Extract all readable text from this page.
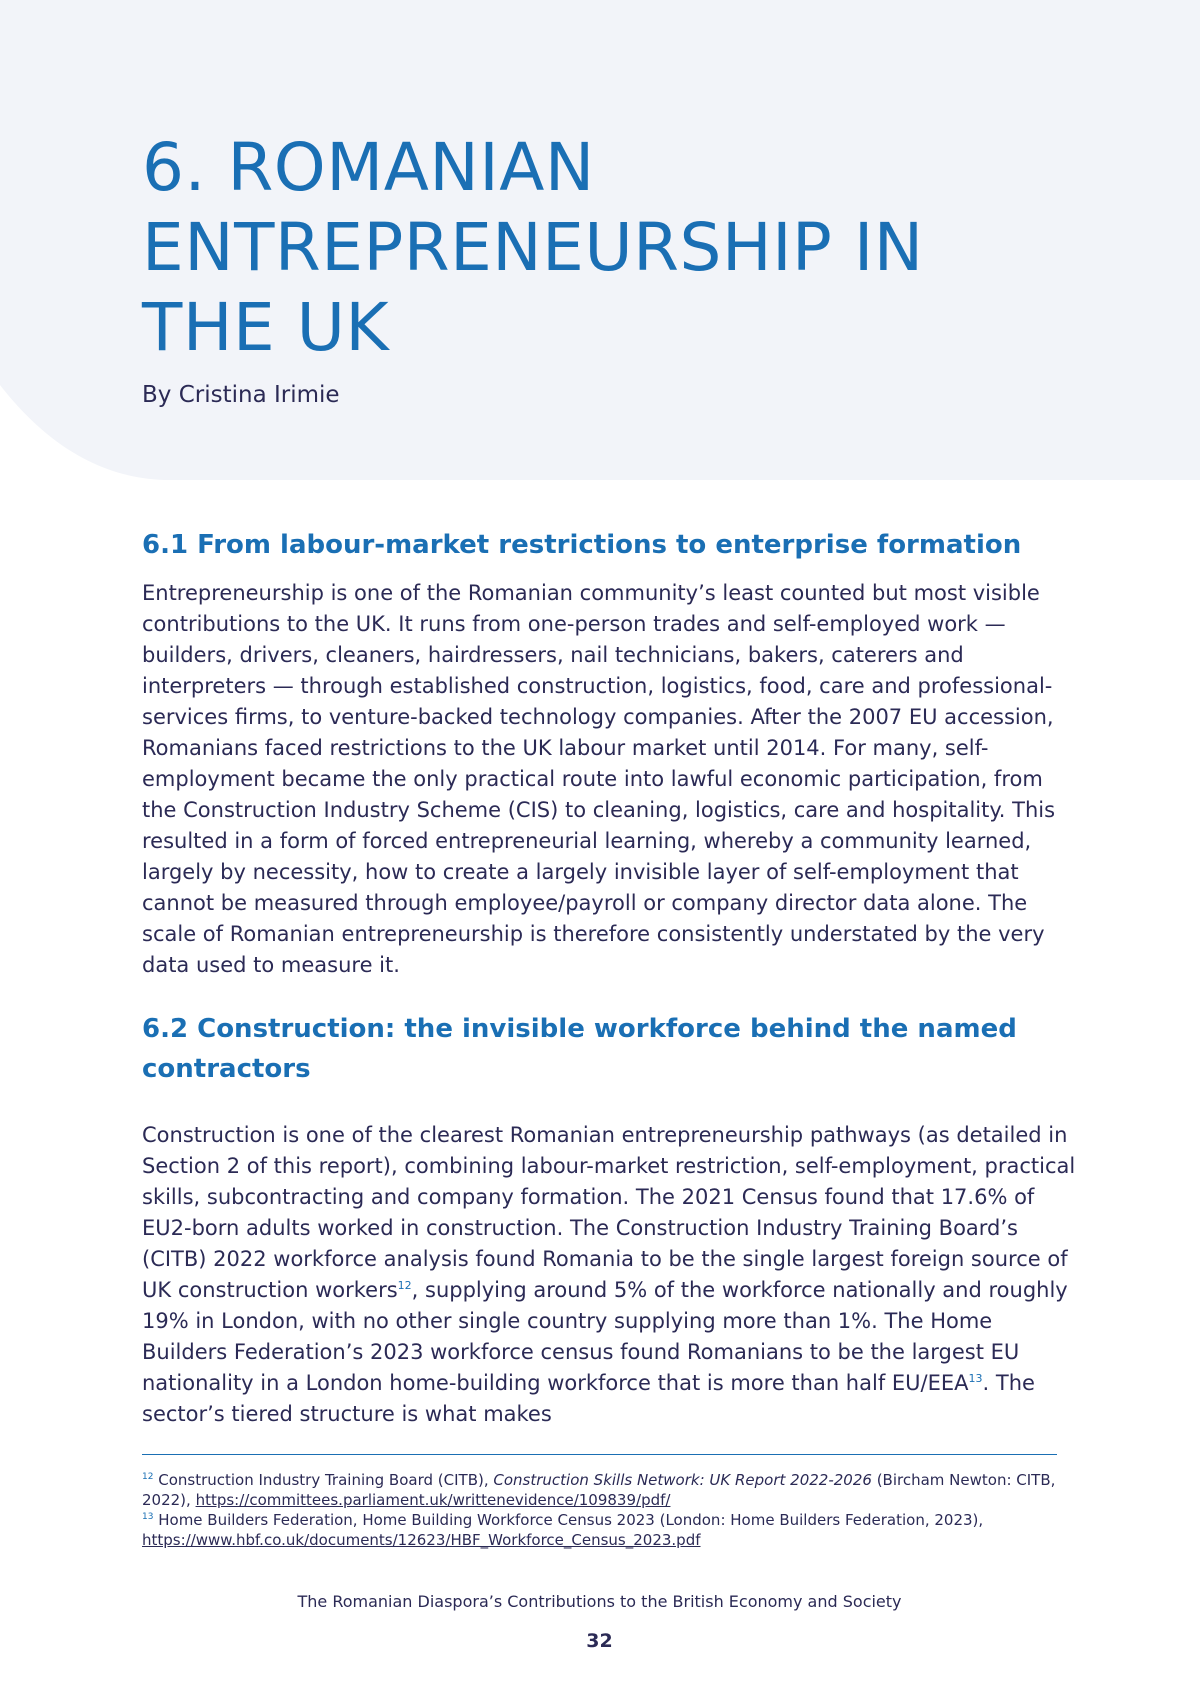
6. ROMANIAN
ENTREPRENEURSHIP IN
THE UK
By Cristina Irimie
6.1 From labour-market restrictions to enterprise formation

Entrepreneurship is one of the Romanian community’s least counted but most visible contributions to the UK. It runs from one-person trades and self-employed work — builders, drivers, cleaners, hairdressers, nail technicians, bakers, caterers and interpreters — through established construction, logistics, food, care and professional-services firms, to venture-backed technology companies. After the 2007 EU accession, Romanians faced restrictions to the UK labour market until 2014. For many, self-employment became the only practical route into lawful economic participation, from the Construction Industry Scheme (CIS) to cleaning, logistics, care and hospitality. This resulted in a form of forced entrepreneurial learning, whereby a community learned, largely by necessity, how to create a largely invisible layer of self-employment that cannot be measured through employee/payroll or company director data alone. The scale of Romanian entrepreneurship is therefore consistently understated by the very data used to measure it.

6.2 Construction: the invisible workforce behind the named
contractors

Construction is one of the clearest Romanian entrepreneurship pathways (as detailed in Section 2 of this report), combining labour-market restriction, self-employment, practical skills, subcontracting and company formation. The 2021 Census found that 17.6% of EU2-born adults worked in construction. The Construction Industry Training Board’s (CITB) 2022 workforce analysis found Romania to be the single largest foreign source of UK construction workers$^{12}$, supplying around 5% of the workforce nationally and roughly 19% in London, with no other single country supplying more than 1%. The Home Builders Federation’s 2023 workforce census found Romanians to be the largest EU nationality in a London home-building workforce that is more than half EU/EEA$^{13}$. The sector’s tiered structure is what makes

$^{12}$ Construction Industry Training Board (CITB), Construction Skills Network: UK Report 2022-2026 (Bircham Newton: CITB, 2022), https://committees.parliament.uk/writtenevidence/109839/pdf/

$^{13}$ Home Builders Federation, Home Building Workforce Census 2023 (London: Home Builders Federation, 2023),
https://www.hbf.co.uk/documents/12623/HBF_Workforce_Census_2023.pdf

The Romanian Diaspora’s Contributions to the British Economy and Society
32
